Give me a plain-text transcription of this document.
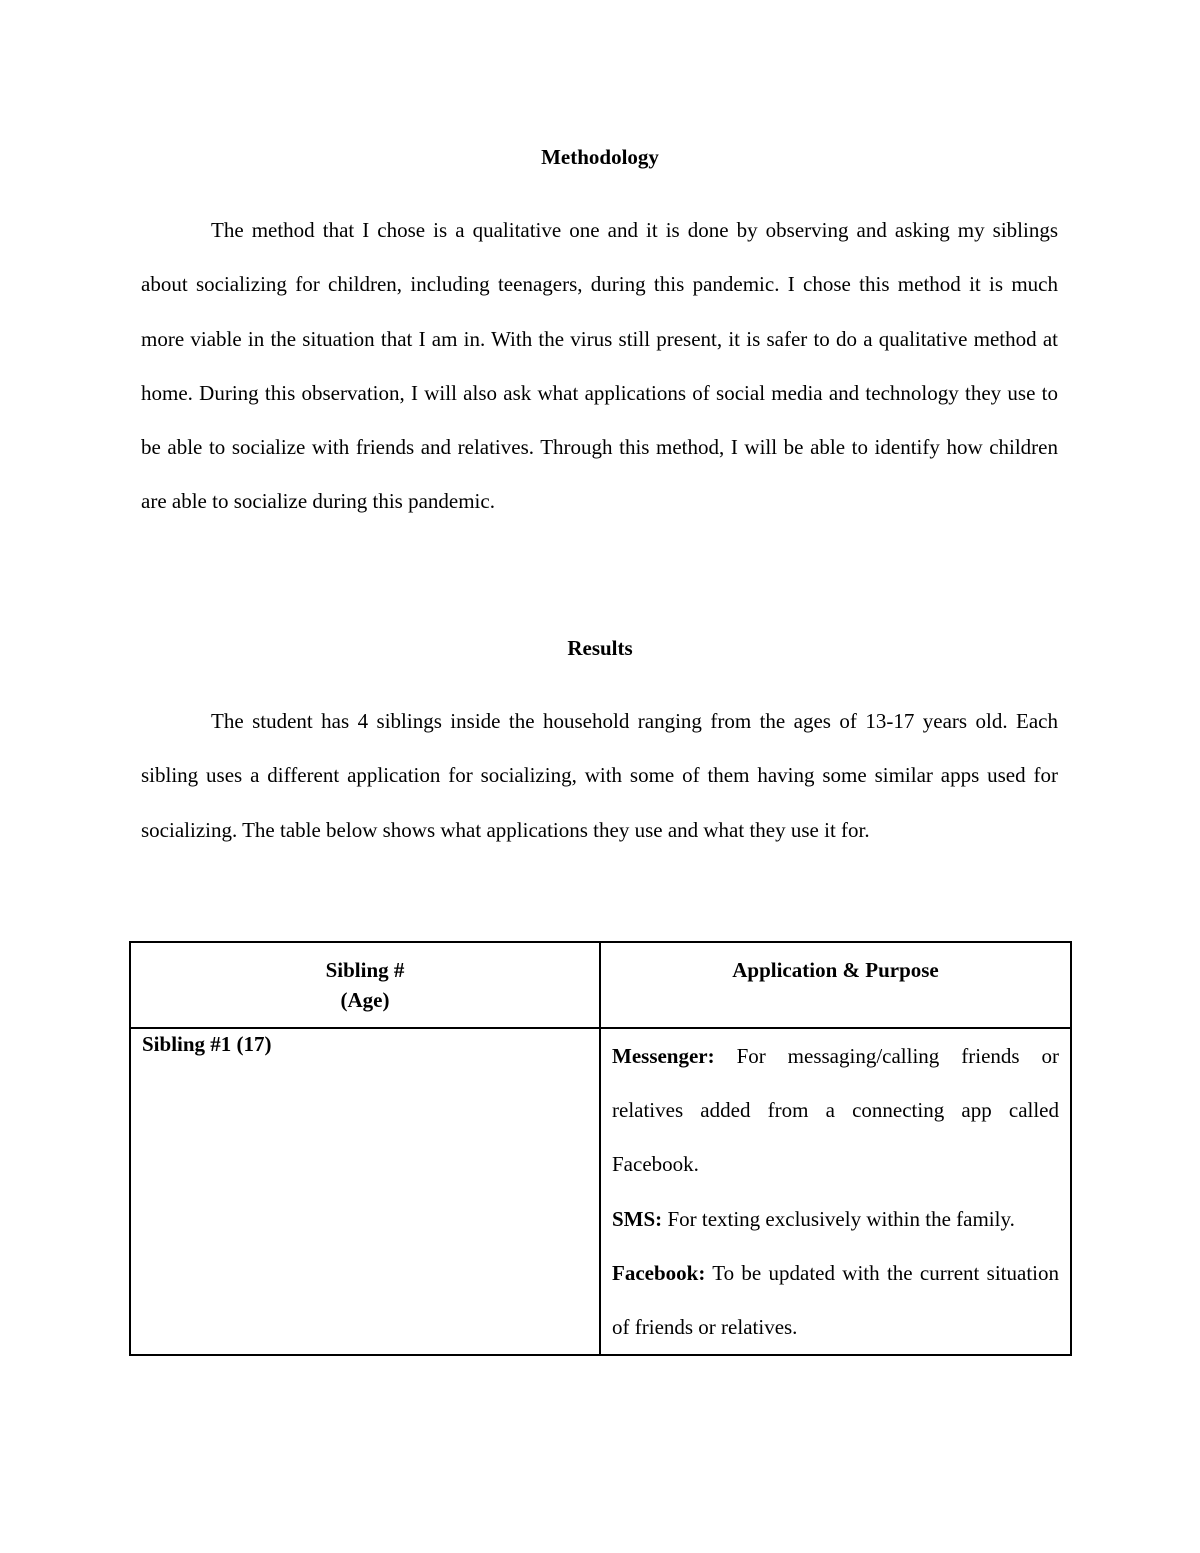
Methodology
The method that I chose is a qualitative one and it is done by observing and asking my siblings about socializing for children, including teenagers, during this pandemic. I chose this method it is much more viable in the situation that I am in. With the virus still present, it is safer to do a qualitative method at home. During this observation, I will also ask what applications of social media and technology they use to be able to socialize with friends and relatives. Through this method, I will be able to identify how children are able to socialize during this pandemic.
Results
The student has 4 siblings inside the household ranging from the ages of 13-17 years old. Each sibling uses a different application for socializing, with some of them having some similar apps used for socializing. The table below shows what applications they use and what they use it for.
Sibling #
(Age)	Application & Purpose

Sibling #1 (17)	Messenger: For messaging/calling friends or relatives added from a connecting app called Facebook.
SMS: For texting exclusively within the family.
Facebook: To be updated with the current situation of friends or relatives.
